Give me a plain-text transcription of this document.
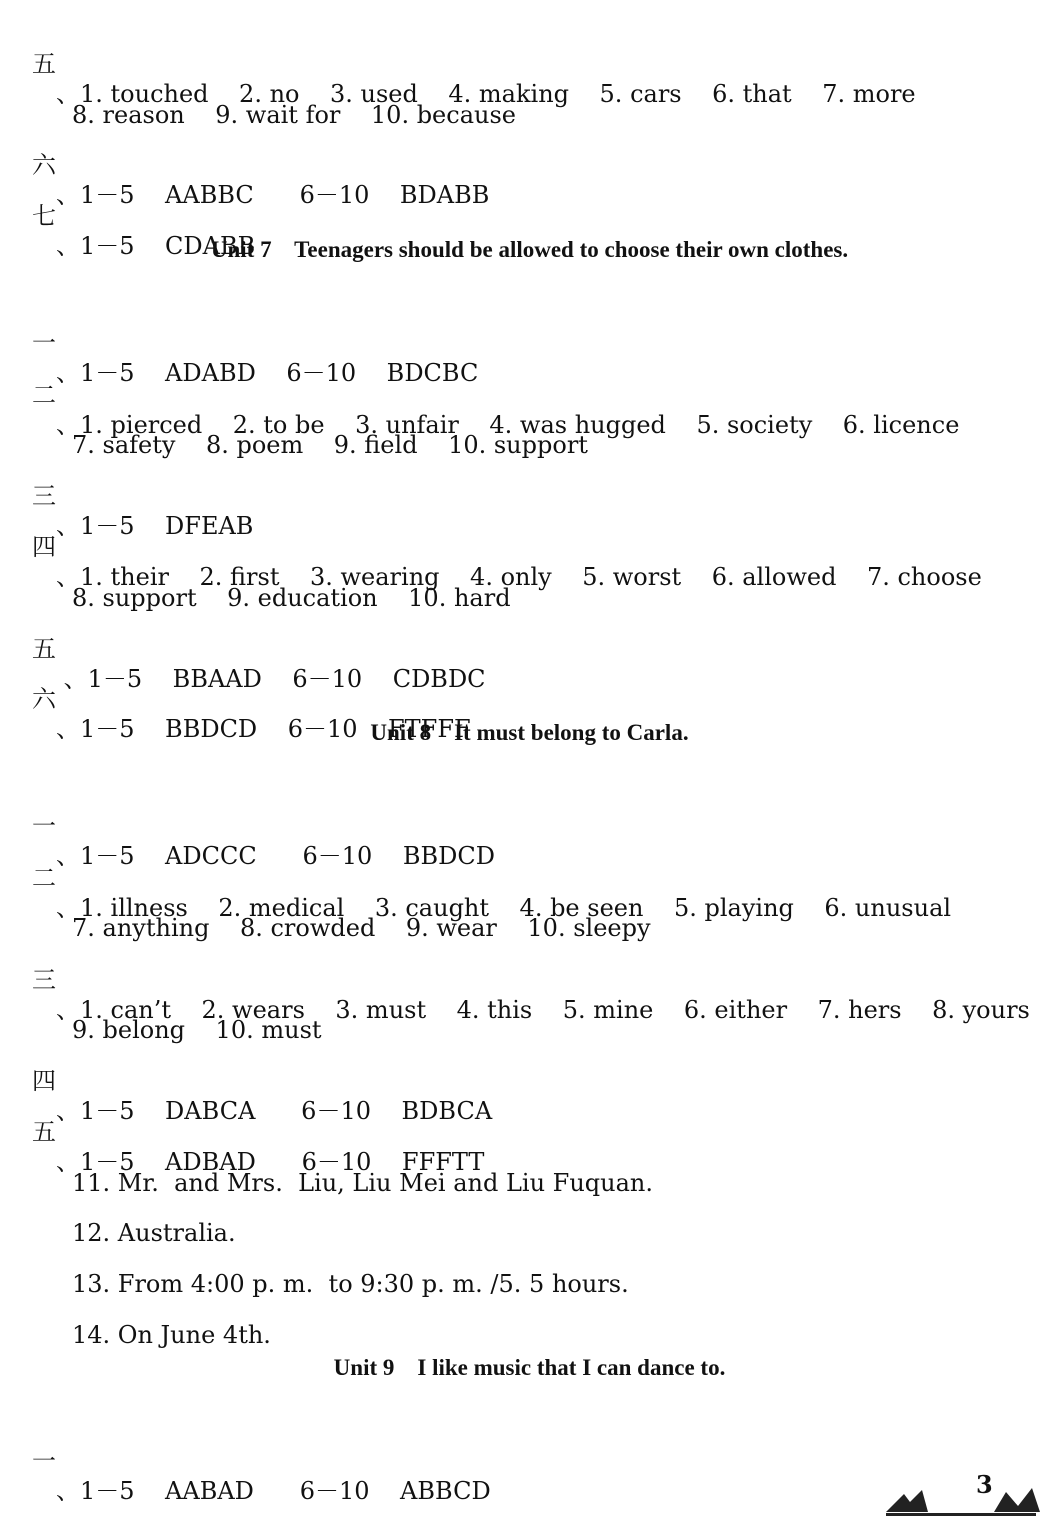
五

、1. touched    2. no    3. used    4. making    5. cars    6. that    7. more

8. reason    9. wait for    10. because

六

、1－5    AABBC      6－10    BDABB

七

、1－5    CDABB

Unit 7    Teenagers should be allowed to choose their own clothes.

一

、1－5    ADABD    6－10    BDCBC

二

、1. pierced    2. to be    3. unfair    4. was hugged    5. society    6. licence

7. safety    8. poem    9. field    10. support

三

、1－5    DFEAB

四

、1. their    2. first    3. wearing    4. only    5. worst    6. allowed    7. choose

8. support    9. education    10. hard

五

、1－5    BBAAD    6－10    CDBDC

六

、1－5    BBDCD    6－10    FTFFF

Unit 8    It must belong to Carla.

一

、1－5    ADCCC      6－10    BBDCD

二

、1. illness    2. medical    3. caught    4. be seen    5. playing    6. unusual

7. anything    8. crowded    9. wear    10. sleepy

三

、1. can’t    2. wears    3. must    4. this    5. mine    6. either    7. hers    8. yours

9. belong    10. must

四

、1－5    DABCA      6－10    BDBCA

五

、1－5    ADBAD      6－10    FFFTT

11. Mr.  and Mrs.  Liu, Liu Mei and Liu Fuquan.

12. Australia.

13. From 4:00 p. m.  to 9:30 p. m. /5. 5 hours.

14. On June 4th.

Unit 9    I like music that I can dance to.

一

、1－5    AABAD      6－10    ABBCD	3
